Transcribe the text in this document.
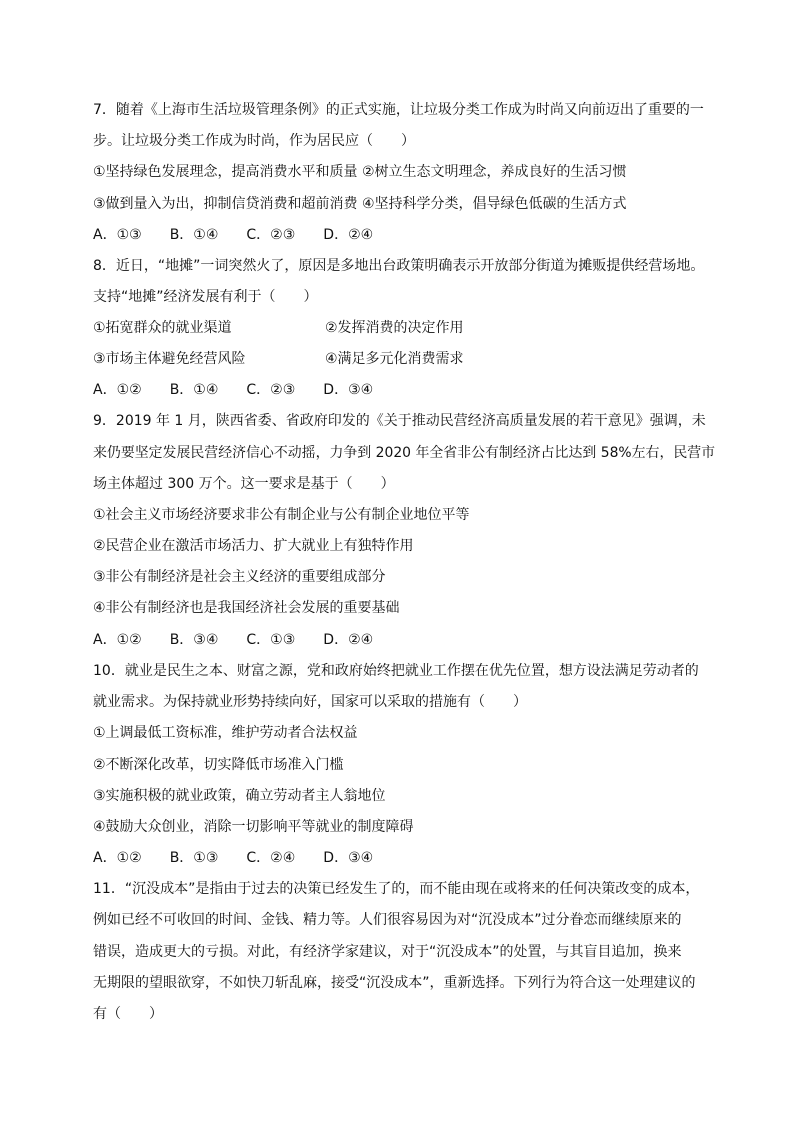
7．随着《上海市生活垃圾管理条例》的正式实施，让垃圾分类工作成为时尚又向前迈出了重要的一
步。让垃圾分类工作成为时尚，作为居民应（　　）
①坚持绿色发展理念，提高消费水平和质量 ②树立生态文明理念，养成良好的生活习惯
③做到量入为出，抑制信贷消费和超前消费 ④坚持科学分类，倡导绿色低碳的生活方式
A．①③ B．①④ C．②③ D．②④
8．近日，“地摊”一词突然火了，原因是多地出台政策明确表示开放部分街道为摊贩提供经营场地。
支持“地摊”经济发展有利于（　　）
①拓宽群众的就业渠道	②发挥消费的决定作用
③市场主体避免经营风险	④满足多元化消费需求
A．①② B．①④ C．②③ D．③④
9．2019 年 1 月，陕西省委、省政府印发的《关于推动民营经济高质量发展的若干意见》强调，未
来仍要坚定发展民营经济信心不动摇，力争到 2020 年全省非公有制经济占比达到 58%左右，民营市
场主体超过 300 万个。这一要求是基于（　　）
①社会主义市场经济要求非公有制企业与公有制企业地位平等
②民营企业在激活市场活力、扩大就业上有独特作用
③非公有制经济是社会主义经济的重要组成部分
④非公有制经济也是我国经济社会发展的重要基础
A．①② B．③④ C．①③ D．②④
10．就业是民生之本、财富之源，党和政府始终把就业工作摆在优先位置，想方设法满足劳动者的
就业需求。为保持就业形势持续向好，国家可以采取的措施有（　　）
①上调最低工资标准，维护劳动者合法权益
②不断深化改革，切实降低市场准入门槛
③实施积极的就业政策，确立劳动者主人翁地位
④鼓励大众创业，消除一切影响平等就业的制度障碍
A．①② B．①③ C．②④ D．③④
11．“沉没成本”是指由于过去的决策已经发生了的，而不能由现在或将来的任何决策改变的成本，
例如已经不可收回的时间、金钱、精力等。人们很容易因为对“沉没成本”过分眷恋而继续原来的
错误，造成更大的亏损。对此，有经济学家建议，对于“沉没成本”的处置，与其盲目追加，换来
无期限的望眼欲穿，不如快刀斩乱麻，接受“沉没成本”，重新选择。下列行为符合这一处理建议的
有（　　）
